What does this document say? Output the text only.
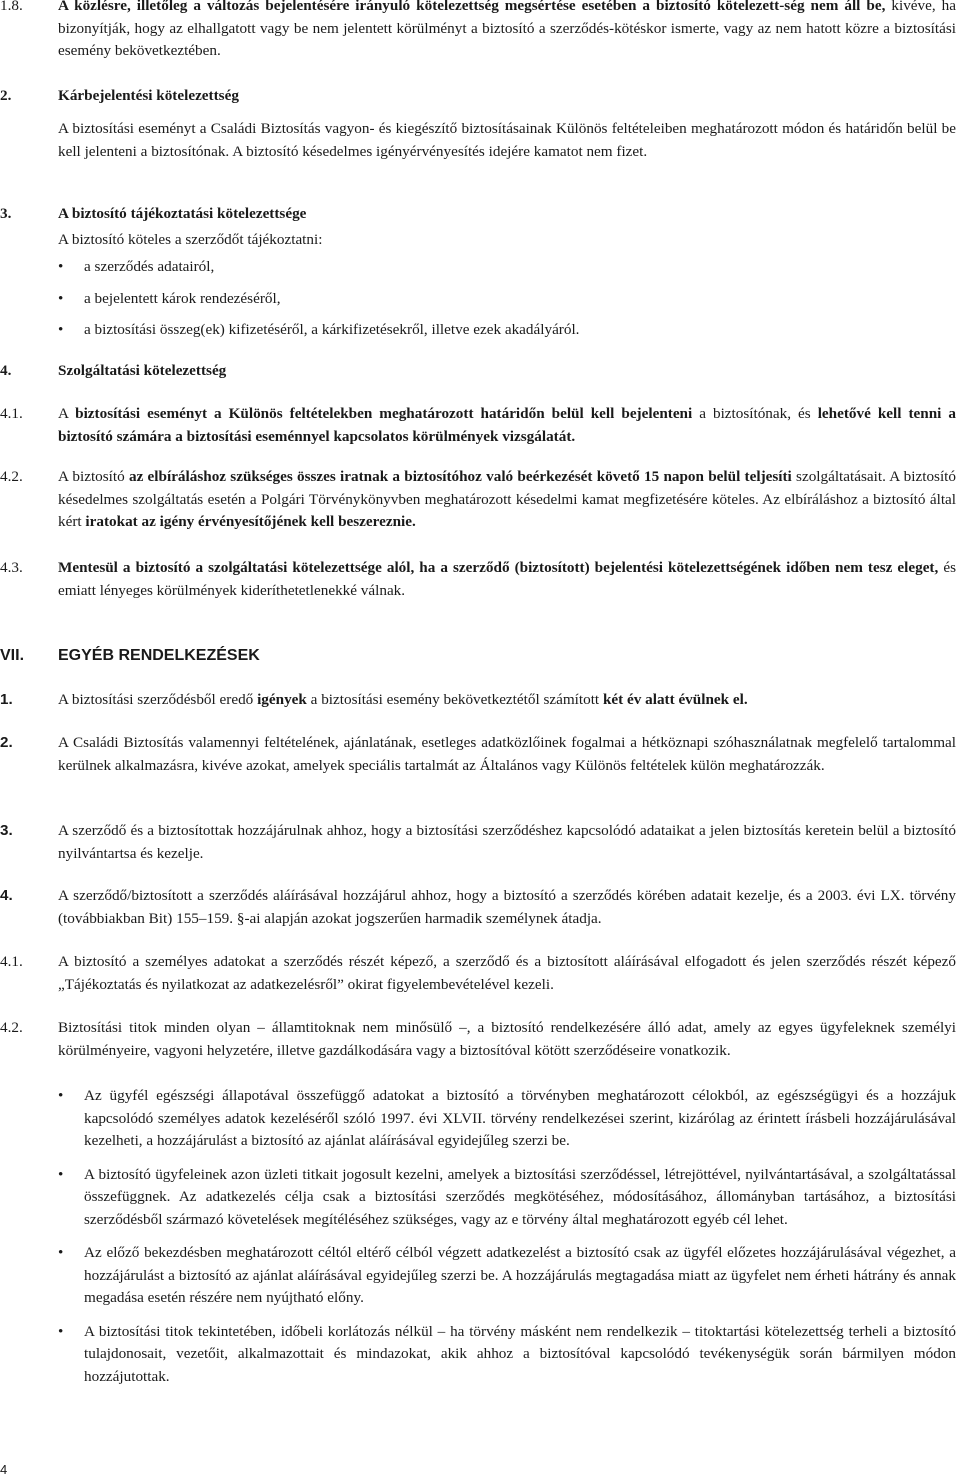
1.8.	A közlésre, illetőleg a változás bejelentésére irányuló kötelezettség megsértése esetében a biztosító kötelezett-ség nem áll be, kivéve, ha bizonyítják, hogy az elhallgatott vagy be nem jelentett körülményt a biztosító a szerződés-kötéskor ismerte, vagy az nem hatott közre a biztosítási esemény bekövetkeztében.
2.	Kárbejelentési kötelezettség
A biztosítási eseményt a Családi Biztosítás vagyon- és kiegészítő biztosításainak Különös feltételeiben meghatározott módon és határidőn belül be kell jelenteni a biztosítónak. A biztosító késedelmes igényérvényesítés idejére kamatot nem fizet.
3.	A biztosító tájékoztatási kötelezettsége
A biztosító köteles a szerződőt tájékoztatni:
• a szerződés adatairól,
• a bejelentett károk rendezéséről,
• a biztosítási összeg(ek) kifizetéséről, a kárkifizetésekről, illetve ezek akadályáról.
4.	Szolgáltatási kötelezettség
4.1.	A biztosítási eseményt a Különös feltételekben meghatározott határidőn belül kell bejelenteni a biztosítónak, és lehetővé kell tenni a biztosító számára a biztosítási eseménnyel kapcsolatos körülmények vizsgálatát.
4.2.	A biztosító az elbíráláshoz szükséges összes iratnak a biztosítóhoz való beérkezését követő 15 napon belül teljesíti szolgáltatásait. A biztosító késedelmes szolgáltatás esetén a Polgári Törvénykönyvben meghatározott késedelmi kamat megfizetésére köteles. Az elbíráláshoz a biztosító által kért iratokat az igény érvényesítőjének kell beszereznie.
4.3.	Mentesül a biztosító a szolgáltatási kötelezettsége alól, ha a szerződő (biztosított) bejelentési kötelezettségének időben nem tesz eleget, és emiatt lényeges körülmények kideríthetetlenekké válnak.
VII.	EGYÉB RENDELKEZÉSEK
1.	A biztosítási szerződésből eredő igények a biztosítási esemény bekövetkeztétől számított két év alatt évülnek el.
2.	A Családi Biztosítás valamennyi feltételének, ajánlatának, esetleges adatközlőinek fogalmai a hétköznapi szóhasználatnak megfelelő tartalommal kerülnek alkalmazásra, kivéve azokat, amelyek speciális tartalmát az Általános vagy Különös feltételek külön meghatározzák.
3.	A szerződő és a biztosítottak hozzájárulnak ahhoz, hogy a biztosítási szerződéshez kapcsolódó adataikat a jelen biztosítás keretein belül a biztosító nyilvántartsa és kezelje.
4.	A szerződő/biztosított a szerződés aláírásával hozzájárul ahhoz, hogy a biztosító a szerződés körében adatait kezelje, és a 2003. évi LX. törvény (továbbiakban Bit) 155–159. §-ai alapján azokat jogszerűen harmadik személynek átadja.
4.1.	A biztosító a személyes adatokat a szerződés részét képező, a szerződő és a biztosított aláírásával elfogadott és jelen szerződés részét képező „Tájékoztatás és nyilatkozat az adatkezelésről” okirat figyelembevételével kezeli.
4.2.	Biztosítási titok minden olyan – államtitoknak nem minősülő –, a biztosító rendelkezésére álló adat, amely az egyes ügyfeleknek személyi körülményeire, vagyoni helyzetére, illetve gazdálkodására vagy a biztosítóval kötött szerződéseire vonatkozik.
• Az ügyfél egészségi állapotával összefüggő adatokat a biztosító a törvényben meghatározott célokból, az egészségügyi és a hozzájuk kapcsolódó személyes adatok kezeléséről szóló 1997. évi XLVII. törvény rendelkezései szerint, kizárólag az érintett írásbeli hozzájárulásával kezelheti, a hozzájárulást a biztosító az ajánlat aláírásával egyidejűleg szerzi be.
• A biztosító ügyfeleinek azon üzleti titkait jogosult kezelni, amelyek a biztosítási szerződéssel, létrejöttével, nyilvántartásával, a szolgáltatással összefüggnek. Az adatkezelés célja csak a biztosítási szerződés megkötéséhez, módosításához, állományban tartásához, a biztosítási szerződésből származó követelések megítéléséhez szükséges, vagy az e törvény által meghatározott egyéb cél lehet.
• Az előző bekezdésben meghatározott céltól eltérő célból végzett adatkezelést a biztosító csak az ügyfél előzetes hozzájárulásával végezhet, a hozzájárulást a biztosító az ajánlat aláírásával egyidejűleg szerzi be. A hozzájárulás megtagadása miatt az ügyfelet nem érheti hátrány és annak megadása esetén részére nem nyújtható előny.
• A biztosítási titok tekintetében, időbeli korlátozás nélkül – ha törvény másként nem rendelkezik – titoktartási kötelezettség terheli a biztosító tulajdonosait, vezetőit, alkalmazottait és mindazokat, akik ahhoz a biztosítóval kapcsolódó tevékenységük során bármilyen módon hozzájutottak.
4
